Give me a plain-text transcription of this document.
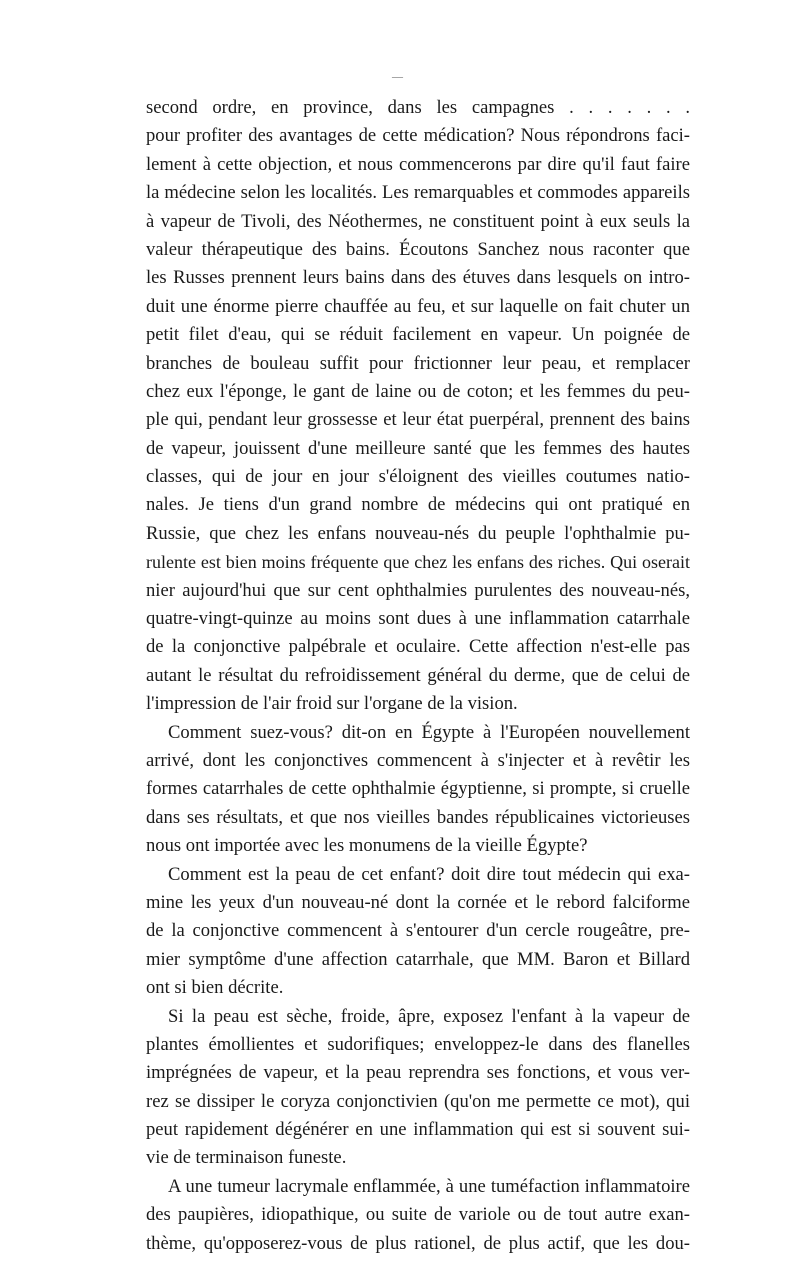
—
second ordre, en province, dans les campagnes . . . . . . .
pour profiter des avantages de cette médication? Nous répondrons faci-
lement à cette objection, et nous commencerons par dire qu'il faut faire
la médecine selon les localités. Les remarquables et commodes appareils
à vapeur de Tivoli, des Néothermes, ne constituent point à eux seuls la
valeur thérapeutique des bains. Écoutons Sanchez nous raconter que
les Russes prennent leurs bains dans des étuves dans lesquels on intro-
duit une énorme pierre chauffée au feu, et sur laquelle on fait chuter un
petit filet d'eau, qui se réduit facilement en vapeur. Un poignée de
branches de bouleau suffit pour frictionner leur peau, et remplacer
chez eux l'éponge, le gant de laine ou de coton; et les femmes du peu-
ple qui, pendant leur grossesse et leur état puerpéral, prennent des bains
de vapeur, jouissent d'une meilleure santé que les femmes des hautes
classes, qui de jour en jour s'éloignent des vieilles coutumes natio-
nales. Je tiens d'un grand nombre de médecins qui ont pratiqué en
Russie, que chez les enfans nouveau-nés du peuple l'ophthalmie pu-
rulente est bien moins fréquente que chez les enfans des riches. Qui oserait
nier aujourd'hui que sur cent ophthalmies purulentes des nouveau-nés,
quatre-vingt-quinze au moins sont dues à une inflammation catarrhale
de la conjonctive palpébrale et oculaire. Cette affection n'est-elle pas
autant le résultat du refroidissement général du derme, que de celui de
l'impression de l'air froid sur l'organe de la vision.
Comment suez-vous? dit-on en Égypte à l'Européen nouvellement
arrivé, dont les conjonctives commencent à s'injecter et à revêtir les
formes catarrhales de cette ophthalmie égyptienne, si prompte, si cruelle
dans ses résultats, et que nos vieilles bandes républicaines victorieuses
nous ont importée avec les monumens de la vieille Égypte?
Comment est la peau de cet enfant? doit dire tout médecin qui exa-
mine les yeux d'un nouveau-né dont la cornée et le rebord falciforme
de la conjonctive commencent à s'entourer d'un cercle rougeâtre, pre-
mier symptôme d'une affection catarrhale, que MM. Baron et Billard
ont si bien décrite.
Si la peau est sèche, froide, âpre, exposez l'enfant à la vapeur de
plantes émollientes et sudorifiques; enveloppez-le dans des flanelles
imprégnées de vapeur, et la peau reprendra ses fonctions, et vous ver-
rez se dissiper le coryza conjonctivien (qu'on me permette ce mot), qui
peut rapidement dégénérer en une inflammation qui est si souvent sui-
vie de terminaison funeste.
A une tumeur lacrymale enflammée, à une tuméfaction inflammatoire
des paupières, idiopathique, ou suite de variole ou de tout autre exan-
thème, qu'opposerez-vous de plus rationel, de plus actif, que les dou-
